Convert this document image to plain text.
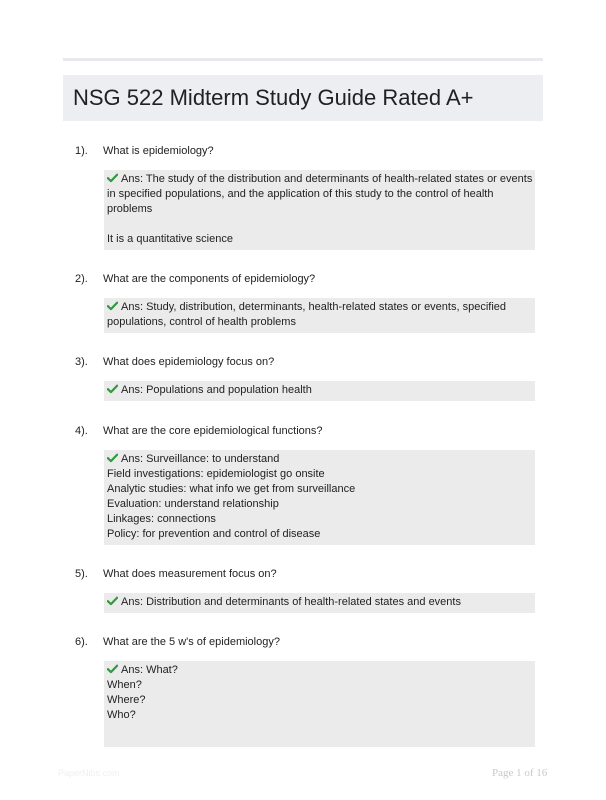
NSG 522 Midterm Study Guide Rated A+
1). What is epidemiology?
Ans: The study of the distribution and determinants of health-related states or events
in specified populations, and the application of this study to the control of health
problems
It is a quantitative science
2). What are the components of epidemiology?
Ans: Study, distribution, determinants, health-related states or events, specified
populations, control of health problems
3). What does epidemiology focus on?
Ans: Populations and population health
4). What are the core epidemiological functions?
Ans: Surveillance: to understand
Field investigations: epidemiologist go onsite
Analytic studies: what info we get from surveillance
Evaluation: understand relationship
Linkages: connections
Policy: for prevention and control of disease
5). What does measurement focus on?
Ans: Distribution and determinants of health-related states and events
6). What are the 5 w's of epidemiology?
Ans: What?
When?
Where?
Who?
PaperNibs.com	Page 1 of 16
